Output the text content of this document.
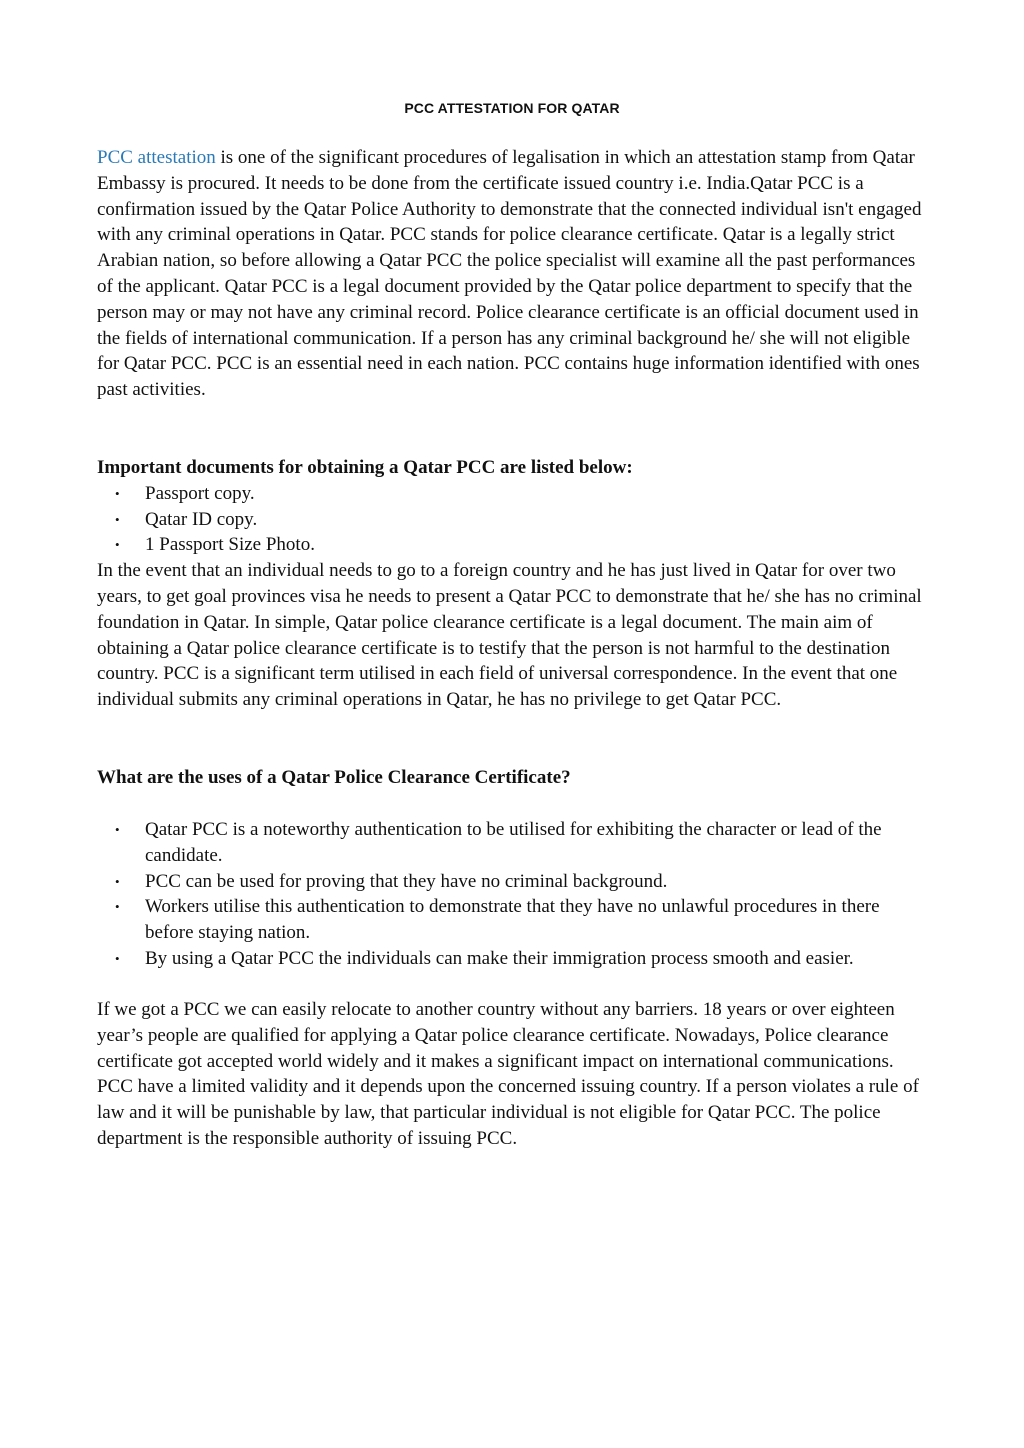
PCC ATTESTATION FOR QATAR

PCC attestation is one of the significant procedures of legalisation in which an attestation stamp from Qatar Embassy is procured. It needs to be done from the certificate issued country i.e. India.Qatar PCC is a confirmation issued by the Qatar Police Authority to demonstrate that the connected individual isn't engaged with any criminal operations in Qatar. PCC stands for police clearance certificate. Qatar is a legally strict Arabian nation, so before allowing a Qatar PCC the police specialist will examine all the past performances of the applicant. Qatar PCC is a legal document provided by the Qatar police department to specify that the person may or may not have any criminal record. Police clearance certificate is an official document used in the fields of international communication. If a person has any criminal background he/ she will not eligible for Qatar PCC. PCC is an essential need in each nation. PCC contains huge information identified with ones past activities.

Important documents for obtaining a Qatar PCC are listed below:
• Passport copy.
• Qatar ID copy.
• 1 Passport Size Photo.
In the event that an individual needs to go to a foreign country and he has just lived in Qatar for over two years, to get goal provinces visa he needs to present a Qatar PCC to demonstrate that he/ she has no criminal foundation in Qatar. In simple, Qatar police clearance certificate is a legal document. The main aim of obtaining a Qatar police clearance certificate is to testify that the person is not harmful to the destination country. PCC is a significant term utilised in each field of universal correspondence. In the event that one individual submits any criminal operations in Qatar, he has no privilege to get Qatar PCC.
What are the uses of a Qatar Police Clearance Certificate?
• Qatar PCC is a noteworthy authentication to be utilised for exhibiting the character or lead of the candidate.
• PCC can be used for proving that they have no criminal background.
• Workers utilise this authentication to demonstrate that they have no unlawful procedures in there before staying nation.
• By using a Qatar PCC the individuals can make their immigration process smooth and easier.

If we got a PCC we can easily relocate to another country without any barriers. 18 years or over eighteen year’s people are qualified for applying a Qatar police clearance certificate. Nowadays, Police clearance certificate got accepted world widely and it makes a significant impact on international communications. PCC have a limited validity and it depends upon the concerned issuing country. If a person violates a rule of law and it will be punishable by law, that particular individual is not eligible for Qatar PCC. The police department is the responsible authority of issuing PCC.
